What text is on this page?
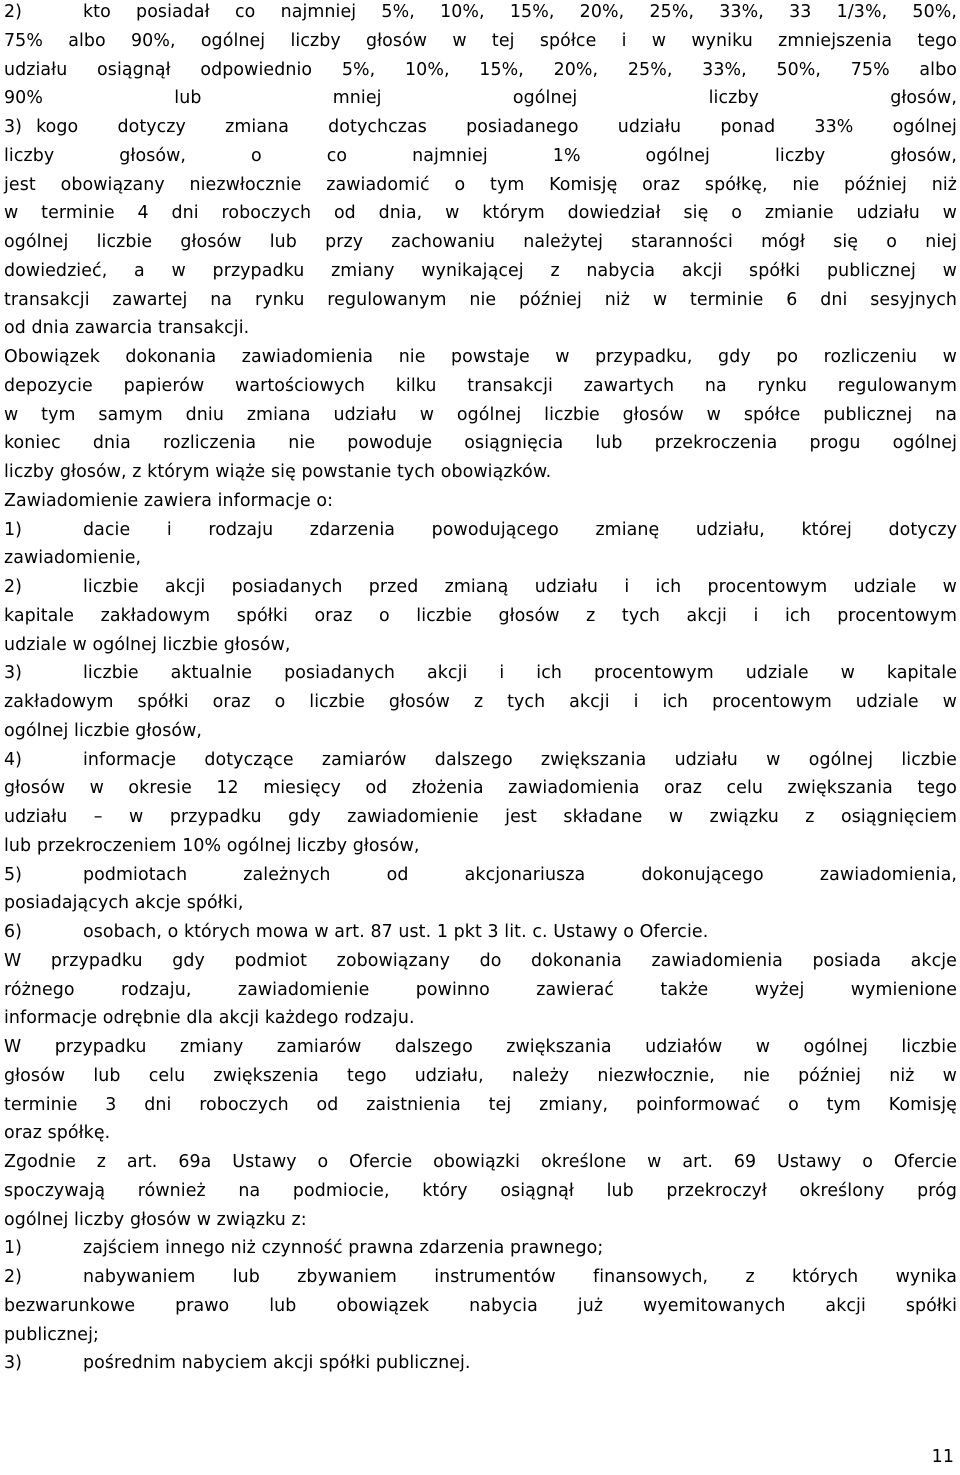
2)	kto posiadał co najmniej 5%, 10%, 15%, 20%, 25%, 33%, 33 1/3%, 50%,
75% albo 90%, ogólnej liczby głosów w tej spółce i w wyniku zmniejszenia tego
udziału osiągnął odpowiednio 5%, 10%, 15%, 20%, 25%, 33%, 50%, 75% albo
90% lub mniej ogólnej liczby głosów,
3) kogo dotyczy zmiana dotychczas posiadanego udziału ponad 33% ogólnej
liczby głosów, o co najmniej 1% ogólnej liczby głosów,
jest obowiązany niezwłocznie zawiadomić o tym Komisję oraz spółkę, nie później niż
w terminie 4 dni roboczych od dnia, w którym dowiedział się o zmianie udziału w
ogólnej liczbie głosów lub przy zachowaniu należytej staranności mógł się o niej
dowiedzieć, a w przypadku zmiany wynikającej z nabycia akcji spółki publicznej w
transakcji zawartej na rynku regulowanym nie później niż w terminie 6 dni sesyjnych
od dnia zawarcia transakcji.
Obowiązek dokonania zawiadomienia nie powstaje w przypadku, gdy po rozliczeniu w
depozycie papierów wartościowych kilku transakcji zawartych na rynku regulowanym
w tym samym dniu zmiana udziału w ogólnej liczbie głosów w spółce publicznej na
koniec dnia rozliczenia nie powoduje osiągnięcia lub przekroczenia progu ogólnej
liczby głosów, z którym wiąże się powstanie tych obowiązków.
Zawiadomienie zawiera informacje o:
1)	dacie i rodzaju zdarzenia powodującego zmianę udziału, której dotyczy
zawiadomienie,
2)	liczbie akcji posiadanych przed zmianą udziału i ich procentowym udziale w
kapitale zakładowym spółki oraz o liczbie głosów z tych akcji i ich procentowym
udziale w ogólnej liczbie głosów,
3)	liczbie aktualnie posiadanych akcji i ich procentowym udziale w kapitale
zakładowym spółki oraz o liczbie głosów z tych akcji i ich procentowym udziale w
ogólnej liczbie głosów,
4)	informacje dotyczące zamiarów dalszego zwiększania udziału w ogólnej liczbie
głosów w okresie 12 miesięcy od złożenia zawiadomienia oraz celu zwiększania tego
udziału – w przypadku gdy zawiadomienie jest składane w związku z osiągnięciem
lub przekroczeniem 10% ogólnej liczby głosów,
5)	podmiotach zależnych od akcjonariusza dokonującego zawiadomienia,
posiadających akcje spółki,
6)	osobach, o których mowa w art. 87 ust. 1 pkt 3 lit. c. Ustawy o Ofercie.
W przypadku gdy podmiot zobowiązany do dokonania zawiadomienia posiada akcje
różnego rodzaju, zawiadomienie powinno zawierać także wyżej wymienione
informacje odrębnie dla akcji każdego rodzaju.
W przypadku zmiany zamiarów dalszego zwiększania udziałów w ogólnej liczbie
głosów lub celu zwiększenia tego udziału, należy niezwłocznie, nie później niż w
terminie 3 dni roboczych od zaistnienia tej zmiany, poinformować o tym Komisję
oraz spółkę.
Zgodnie z art. 69a Ustawy o Ofercie obowiązki określone w art. 69 Ustawy o Ofercie
spoczywają również na podmiocie, który osiągnął lub przekroczył określony próg
ogólnej liczby głosów w związku z:
1)	zajściem innego niż czynność prawna zdarzenia prawnego;
2)	nabywaniem lub zbywaniem instrumentów finansowych, z których wynika
bezwarunkowe prawo lub obowiązek nabycia już wyemitowanych akcji spółki
publicznej;
3)	pośrednim nabyciem akcji spółki publicznej.
11
